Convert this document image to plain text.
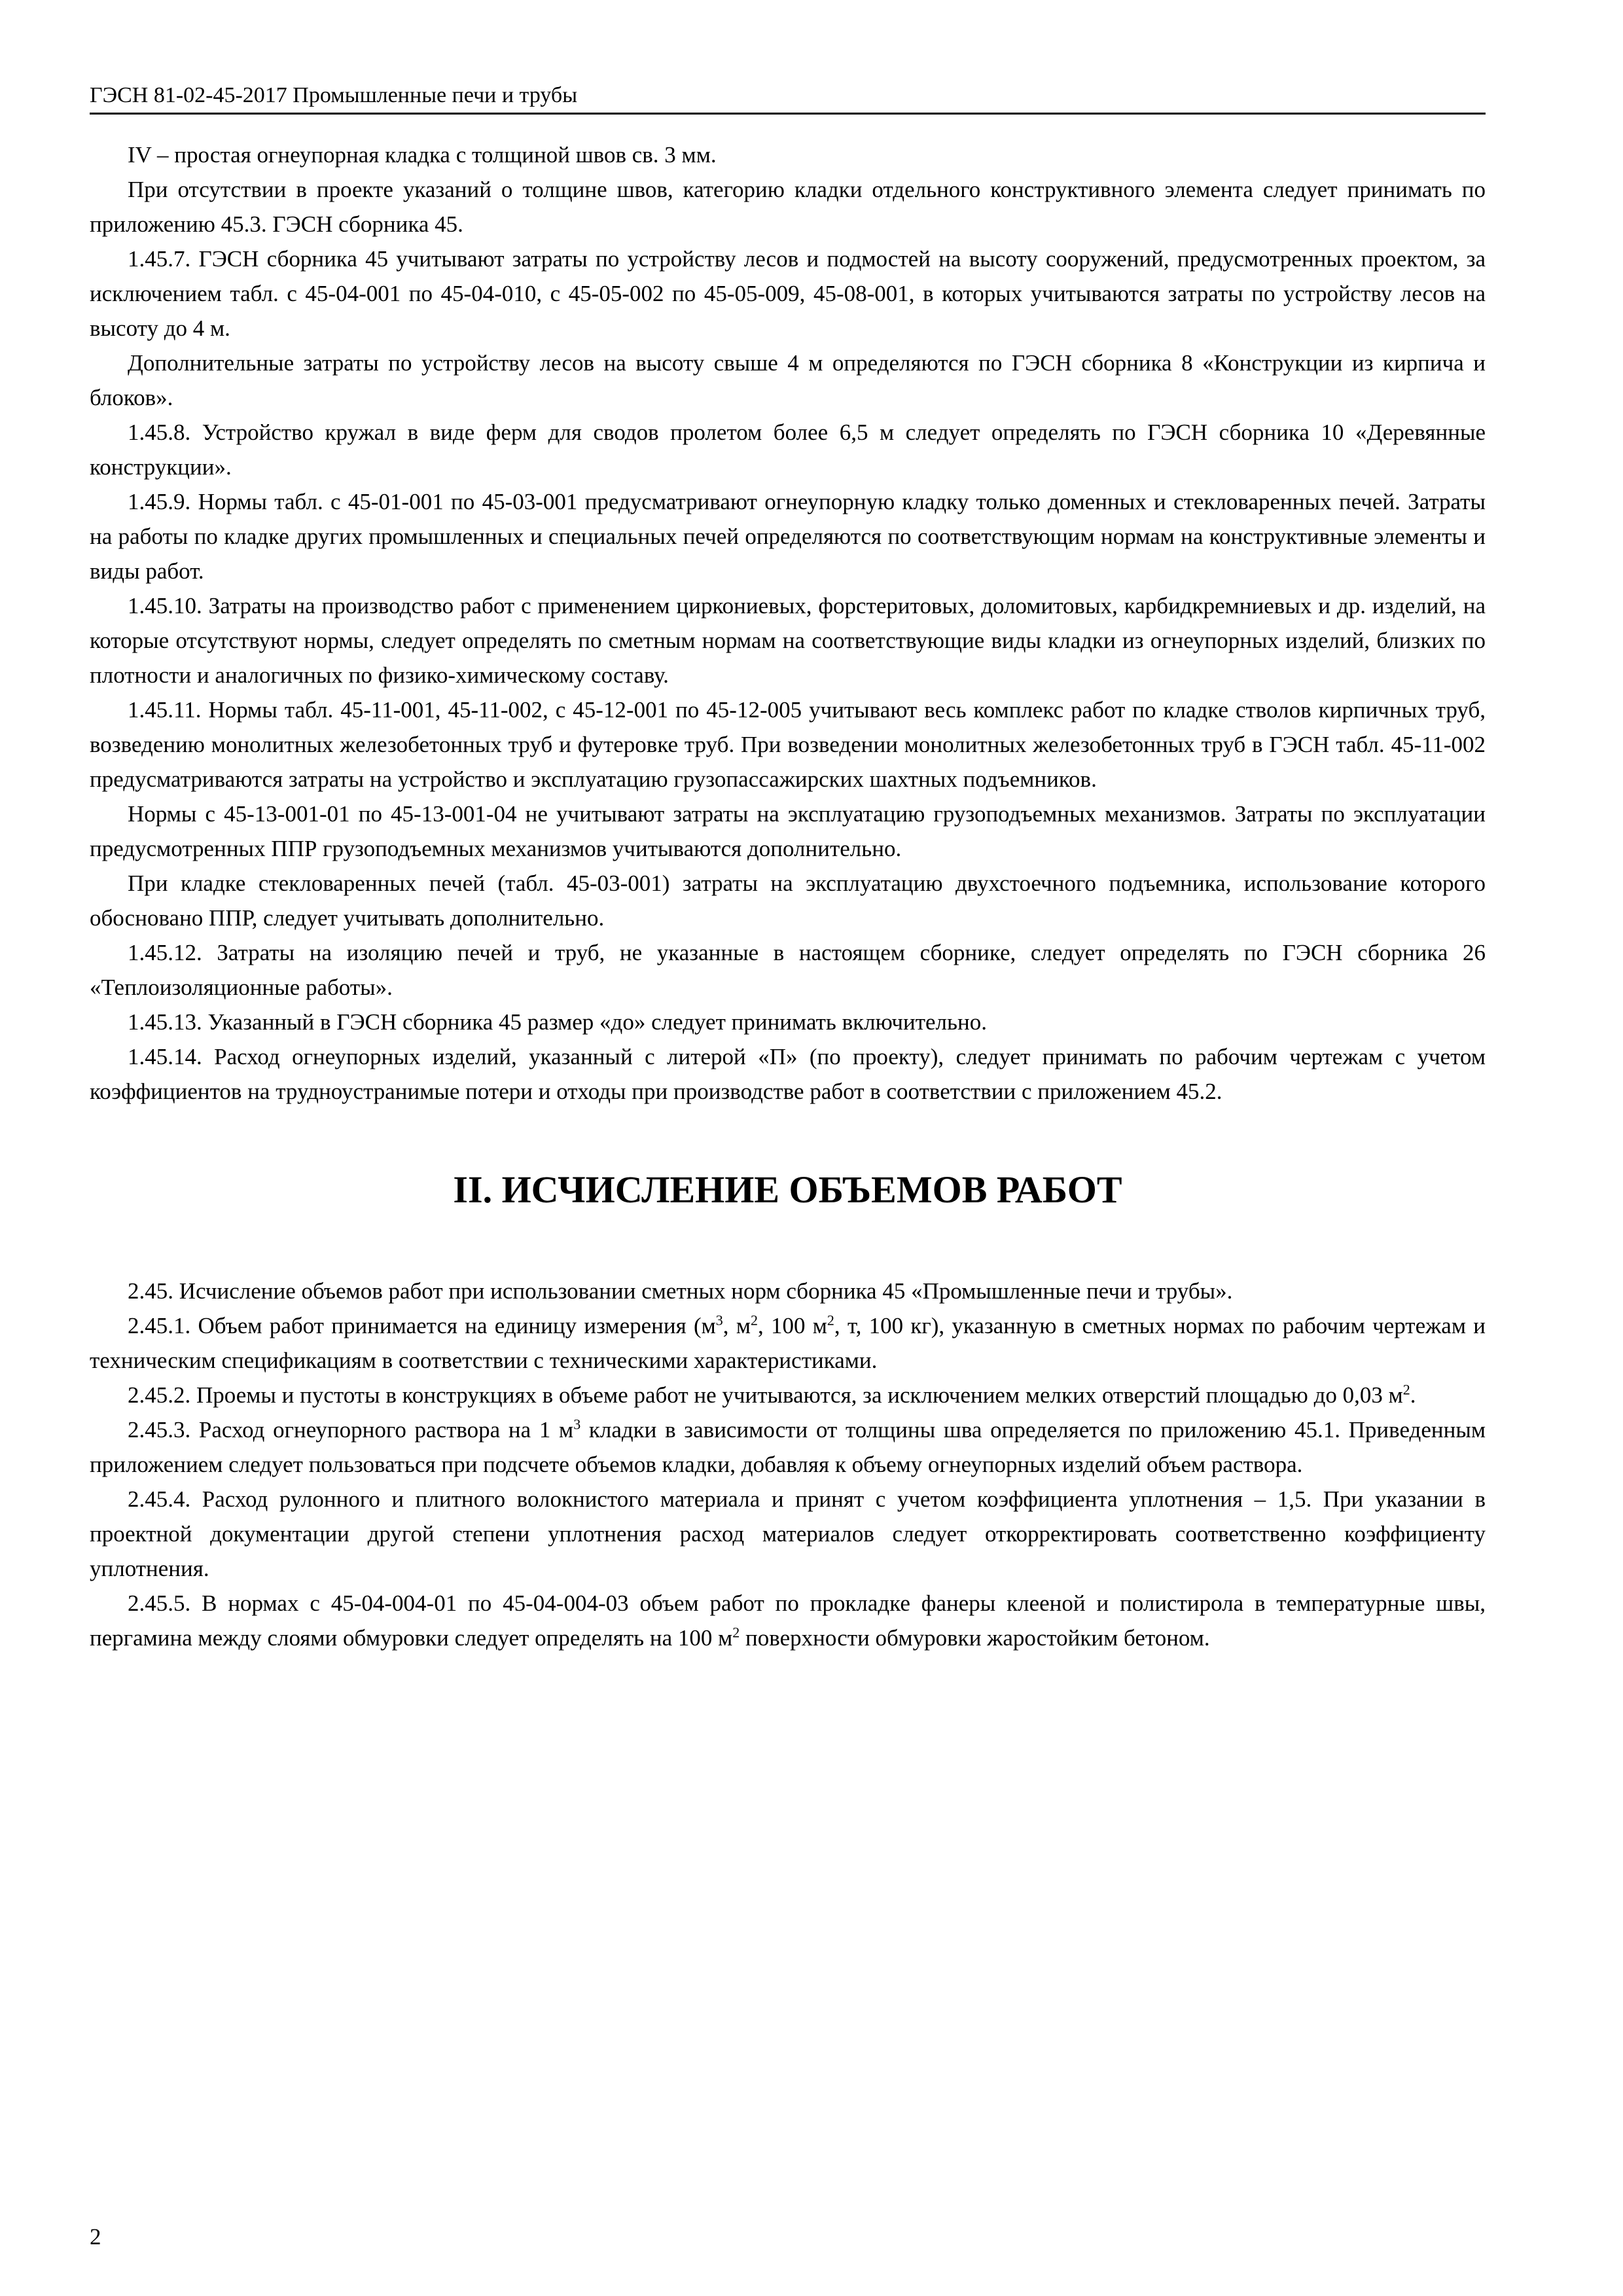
ГЭСН 81-02-45-2017 Промышленные печи и трубы

IV – простая огнеупорная кладка с толщиной швов св. 3 мм.

При отсутствии в проекте указаний о толщине швов, категорию кладки отдельного конструктивного элемента следует принимать по приложению 45.3. ГЭСН сборника 45.

1.45.7. ГЭСН сборника 45 учитывают затраты по устройству лесов и подмостей на высоту сооружений, предусмотренных проектом, за исключением табл. с 45-04-001 по 45-04-010, с 45-05-002 по 45-05-009, 45-08-001, в которых учитываются затраты по устройству лесов на высоту до 4 м.

Дополнительные затраты по устройству лесов на высоту свыше 4 м определяются по ГЭСН сборника 8 «Конструкции из кирпича и блоков».

1.45.8. Устройство кружал в виде ферм для сводов пролетом более 6,5 м следует определять по ГЭСН сборника 10 «Деревянные конструкции».

1.45.9. Нормы табл. с 45-01-001 по 45-03-001 предусматривают огнеупорную кладку только доменных и стекловаренных печей. Затраты на работы по кладке других промышленных и специальных печей определяются по соответствующим нормам на конструктивные элементы и виды работ.

1.45.10. Затраты на производство работ с применением циркониевых, форстеритовых, доломитовых, карбидкремниевых и др. изделий, на которые отсутствуют нормы, следует определять по сметным нормам на соответствующие виды кладки из огнеупорных изделий, близких по плотности и аналогичных по физико-химическому составу.

1.45.11. Нормы табл. 45-11-001, 45-11-002, с 45-12-001 по 45-12-005 учитывают весь комплекс работ по кладке стволов кирпичных труб, возведению монолитных железобетонных труб и футеровке труб. При возведении монолитных железобетонных труб в ГЭСН табл. 45-11-002 предусматриваются затраты на устройство и эксплуатацию грузопассажирских шахтных подъемников.

Нормы с 45-13-001-01 по 45-13-001-04 не учитывают затраты на эксплуатацию грузоподъемных механизмов. Затраты по эксплуатации предусмотренных ППР грузоподъемных механизмов учитываются дополнительно.

При кладке стекловаренных печей (табл. 45-03-001) затраты на эксплуатацию двухстоечного подъемника, использование которого обосновано ППР, следует учитывать дополнительно.

1.45.12. Затраты на изоляцию печей и труб, не указанные в настоящем сборнике, следует определять по ГЭСН сборника 26 «Теплоизоляционные работы».

1.45.13. Указанный в ГЭСН сборника 45 размер «до» следует принимать включительно.

1.45.14. Расход огнеупорных изделий, указанный с литерой «П» (по проекту), следует принимать по рабочим чертежам с учетом коэффициентов на трудноустранимые потери и отходы при производстве работ в соответствии с приложением 45.2.

II. ИСЧИСЛЕНИЕ ОБЪЕМОВ РАБОТ

2.45. Исчисление объемов работ при использовании сметных норм сборника 45 «Промышленные печи и трубы».

2.45.1. Объем работ принимается на единицу измерения ($м^3$, $м^2$, 100 $м^2$, т, 100 кг), указанную в сметных нормах по рабочим чертежам и техническим спецификациям в соответствии с техническими характеристиками.

2.45.2. Проемы и пустоты в конструкциях в объеме работ не учитываются, за исключением мелких отверстий площадью до 0,03 $м^2$.

2.45.3. Расход огнеупорного раствора на 1 $м^3$ кладки в зависимости от толщины шва определяется по приложению 45.1. Приведенным приложением следует пользоваться при подсчете объемов кладки, добавляя к объему огнеупорных изделий объем раствора.

2.45.4. Расход рулонного и плитного волокнистого материала и принят с учетом коэффициента уплотнения – 1,5. При указании в проектной документации другой степени уплотнения расход материалов следует откорректировать соответственно коэффициенту уплотнения.

2.45.5. В нормах с 45-04-004-01 по 45-04-004-03 объем работ по прокладке фанеры клееной и полистирола в температурные швы, пергамина между слоями обмуровки следует определять на 100 $м^2$ поверхности обмуровки жаростойким бетоном.

2
